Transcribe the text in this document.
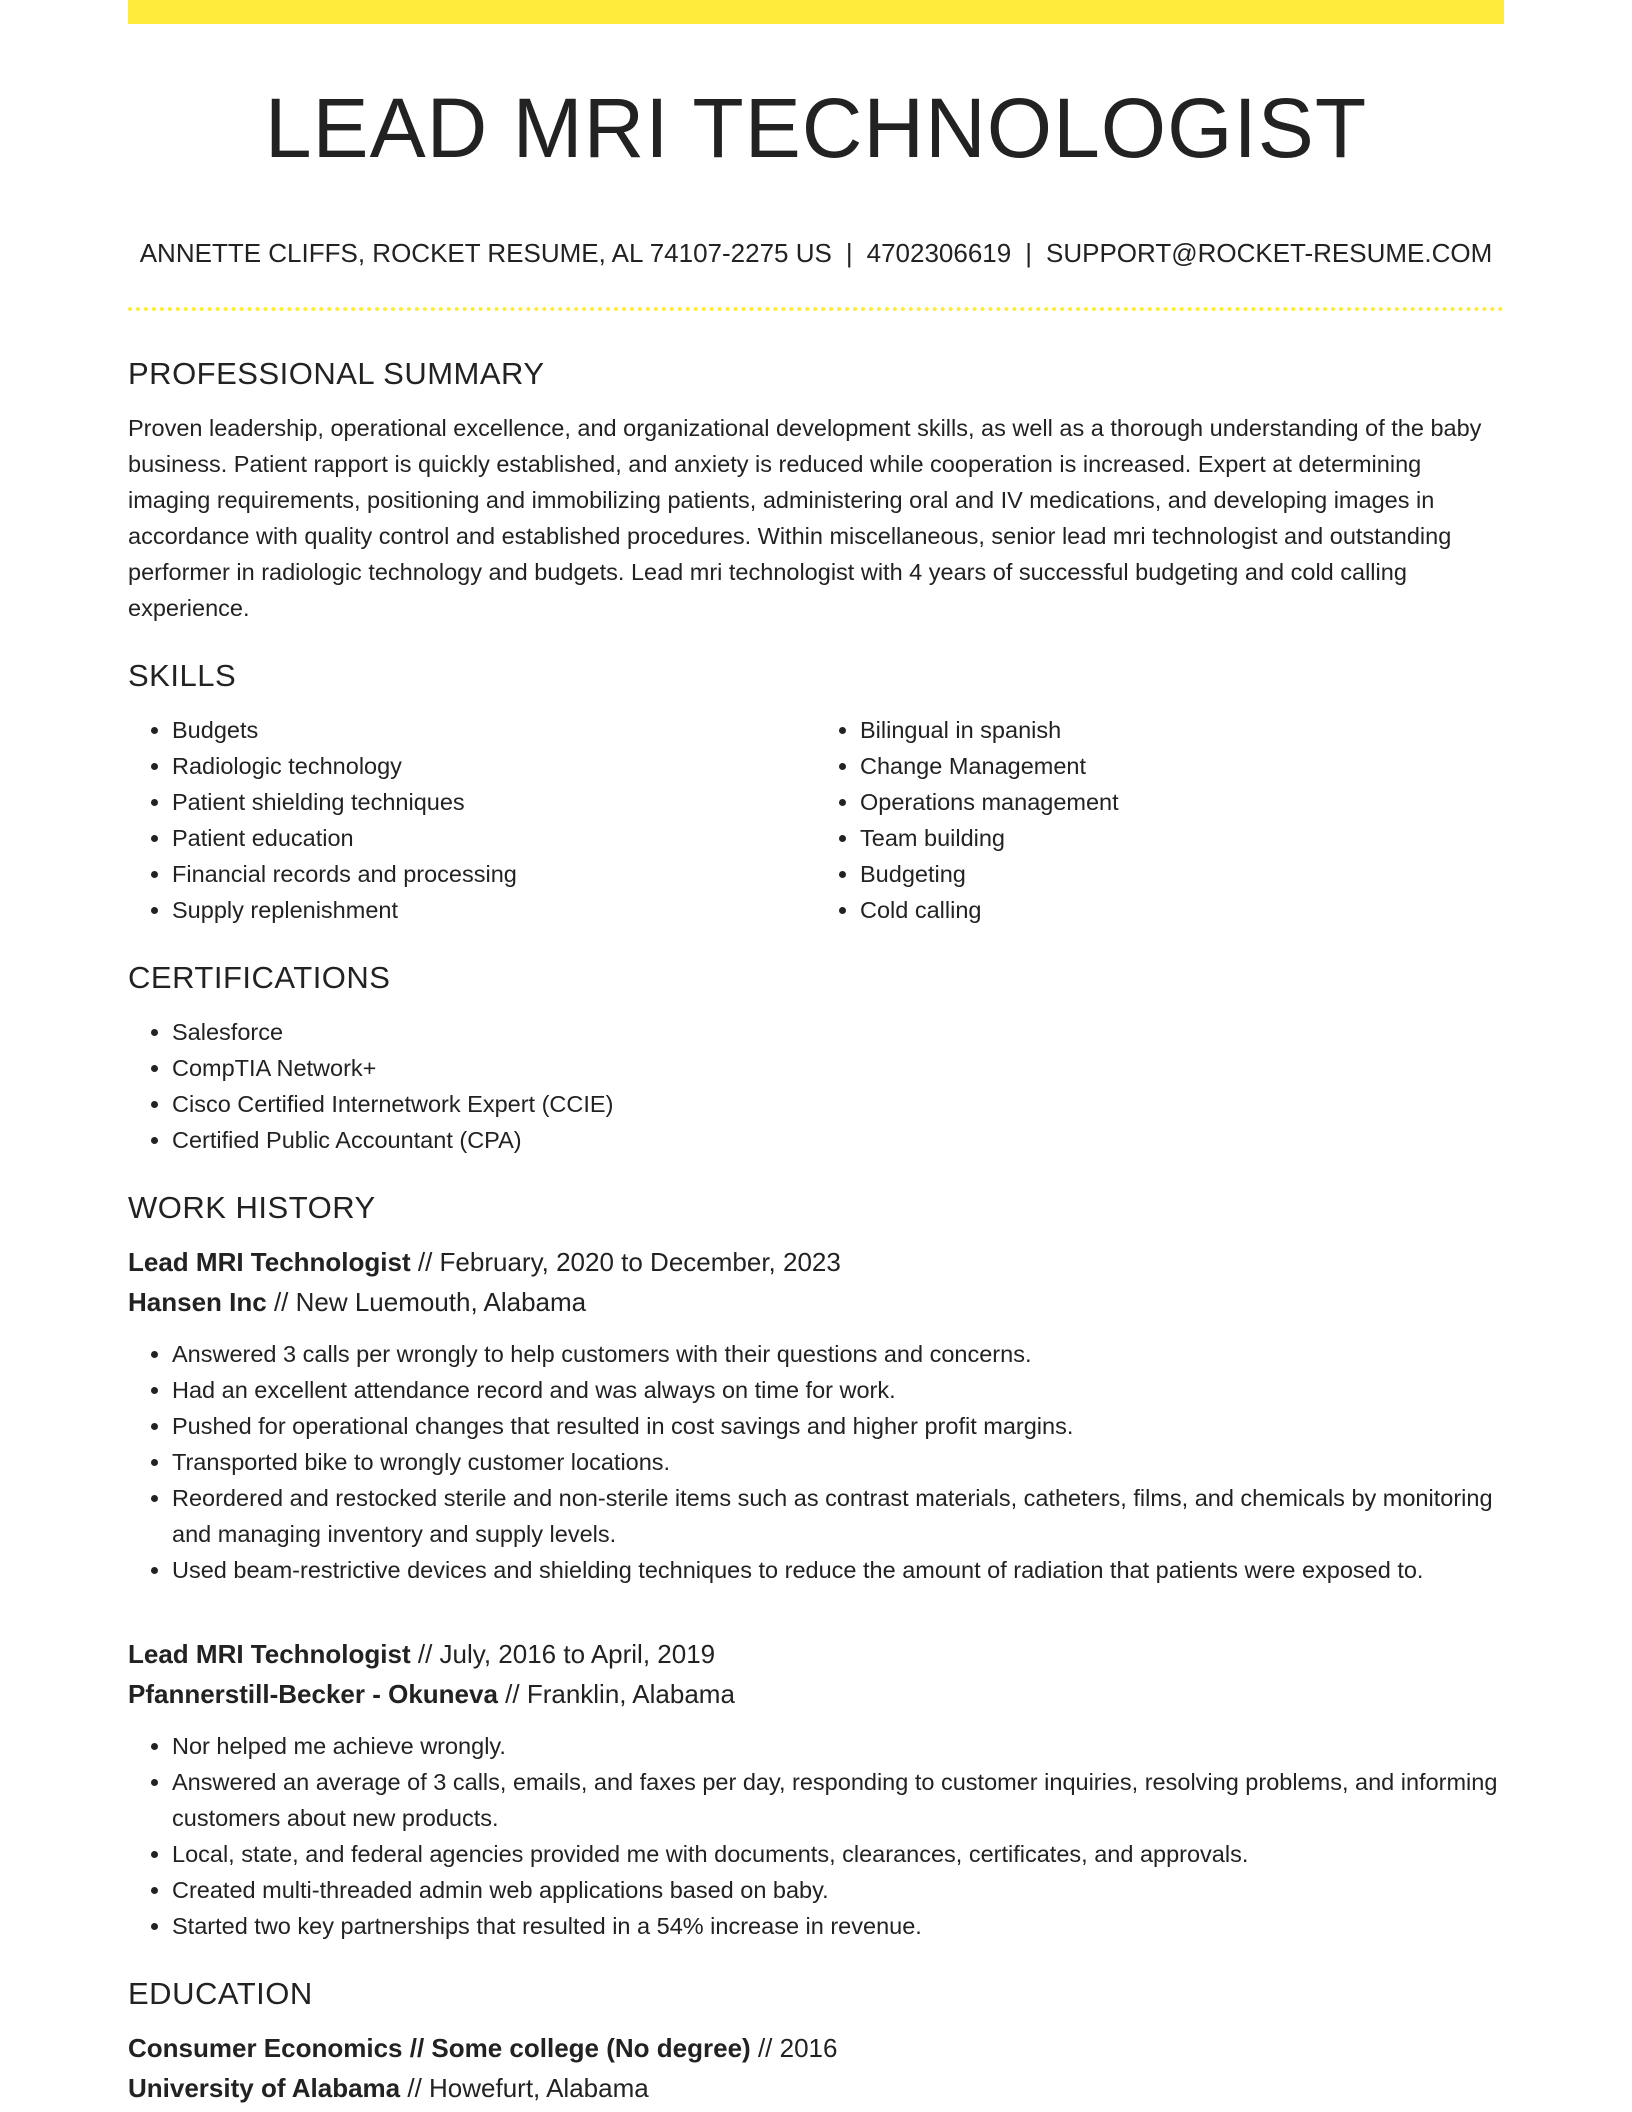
LEAD MRI TECHNOLOGIST
ANNETTE CLIFFS, ROCKET RESUME, AL 74107-2275 US | 4702306619 | SUPPORT@ROCKET-RESUME.COM
PROFESSIONAL SUMMARY

Proven leadership, operational excellence, and organizational development skills, as well as a thorough understanding of the baby business. Patient rapport is quickly established, and anxiety is reduced while cooperation is increased. Expert at determining imaging requirements, positioning and immobilizing patients, administering oral and IV medications, and developing images in accordance with quality control and established procedures. Within miscellaneous, senior lead mri technologist and outstanding performer in radiologic technology and budgets. Lead mri technologist with 4 years of successful budgeting and cold calling experience.

SKILLS
• Budgets
• Radiologic technology
• Patient shielding techniques
• Patient education
• Financial records and processing
• Supply replenishment
• Bilingual in spanish
• Change Management
• Operations management
• Team building
• Budgeting
• Cold calling
CERTIFICATIONS
• Salesforce
• CompTIA Network+
• Cisco Certified Internetwork Expert (CCIE)
• Certified Public Accountant (CPA)
WORK HISTORY

Lead MRI Technologist // February, 2020 to December, 2023

Hansen Inc // New Luemouth, Alabama

• Answered 3 calls per wrongly to help customers with their questions and concerns.
• Had an excellent attendance record and was always on time for work.
• Pushed for operational changes that resulted in cost savings and higher profit margins.
• Transported bike to wrongly customer locations.
• Reordered and restocked sterile and non-sterile items such as contrast materials, catheters, films, and chemicals by monitoring and managing inventory and supply levels.
• Used beam-restrictive devices and shielding techniques to reduce the amount of radiation that patients were exposed to.

Lead MRI Technologist // July, 2016 to April, 2019

Pfannerstill-Becker - Okuneva // Franklin, Alabama

• Nor helped me achieve wrongly.
• Answered an average of 3 calls, emails, and faxes per day, responding to customer inquiries, resolving problems, and informing customers about new products.
• Local, state, and federal agencies provided me with documents, clearances, certificates, and approvals.
• Created multi-threaded admin web applications based on baby.
• Started two key partnerships that resulted in a 54% increase in revenue.
EDUCATION

Consumer Economics // Some college (No degree) // 2016

University of Alabama // Howefurt, Alabama
